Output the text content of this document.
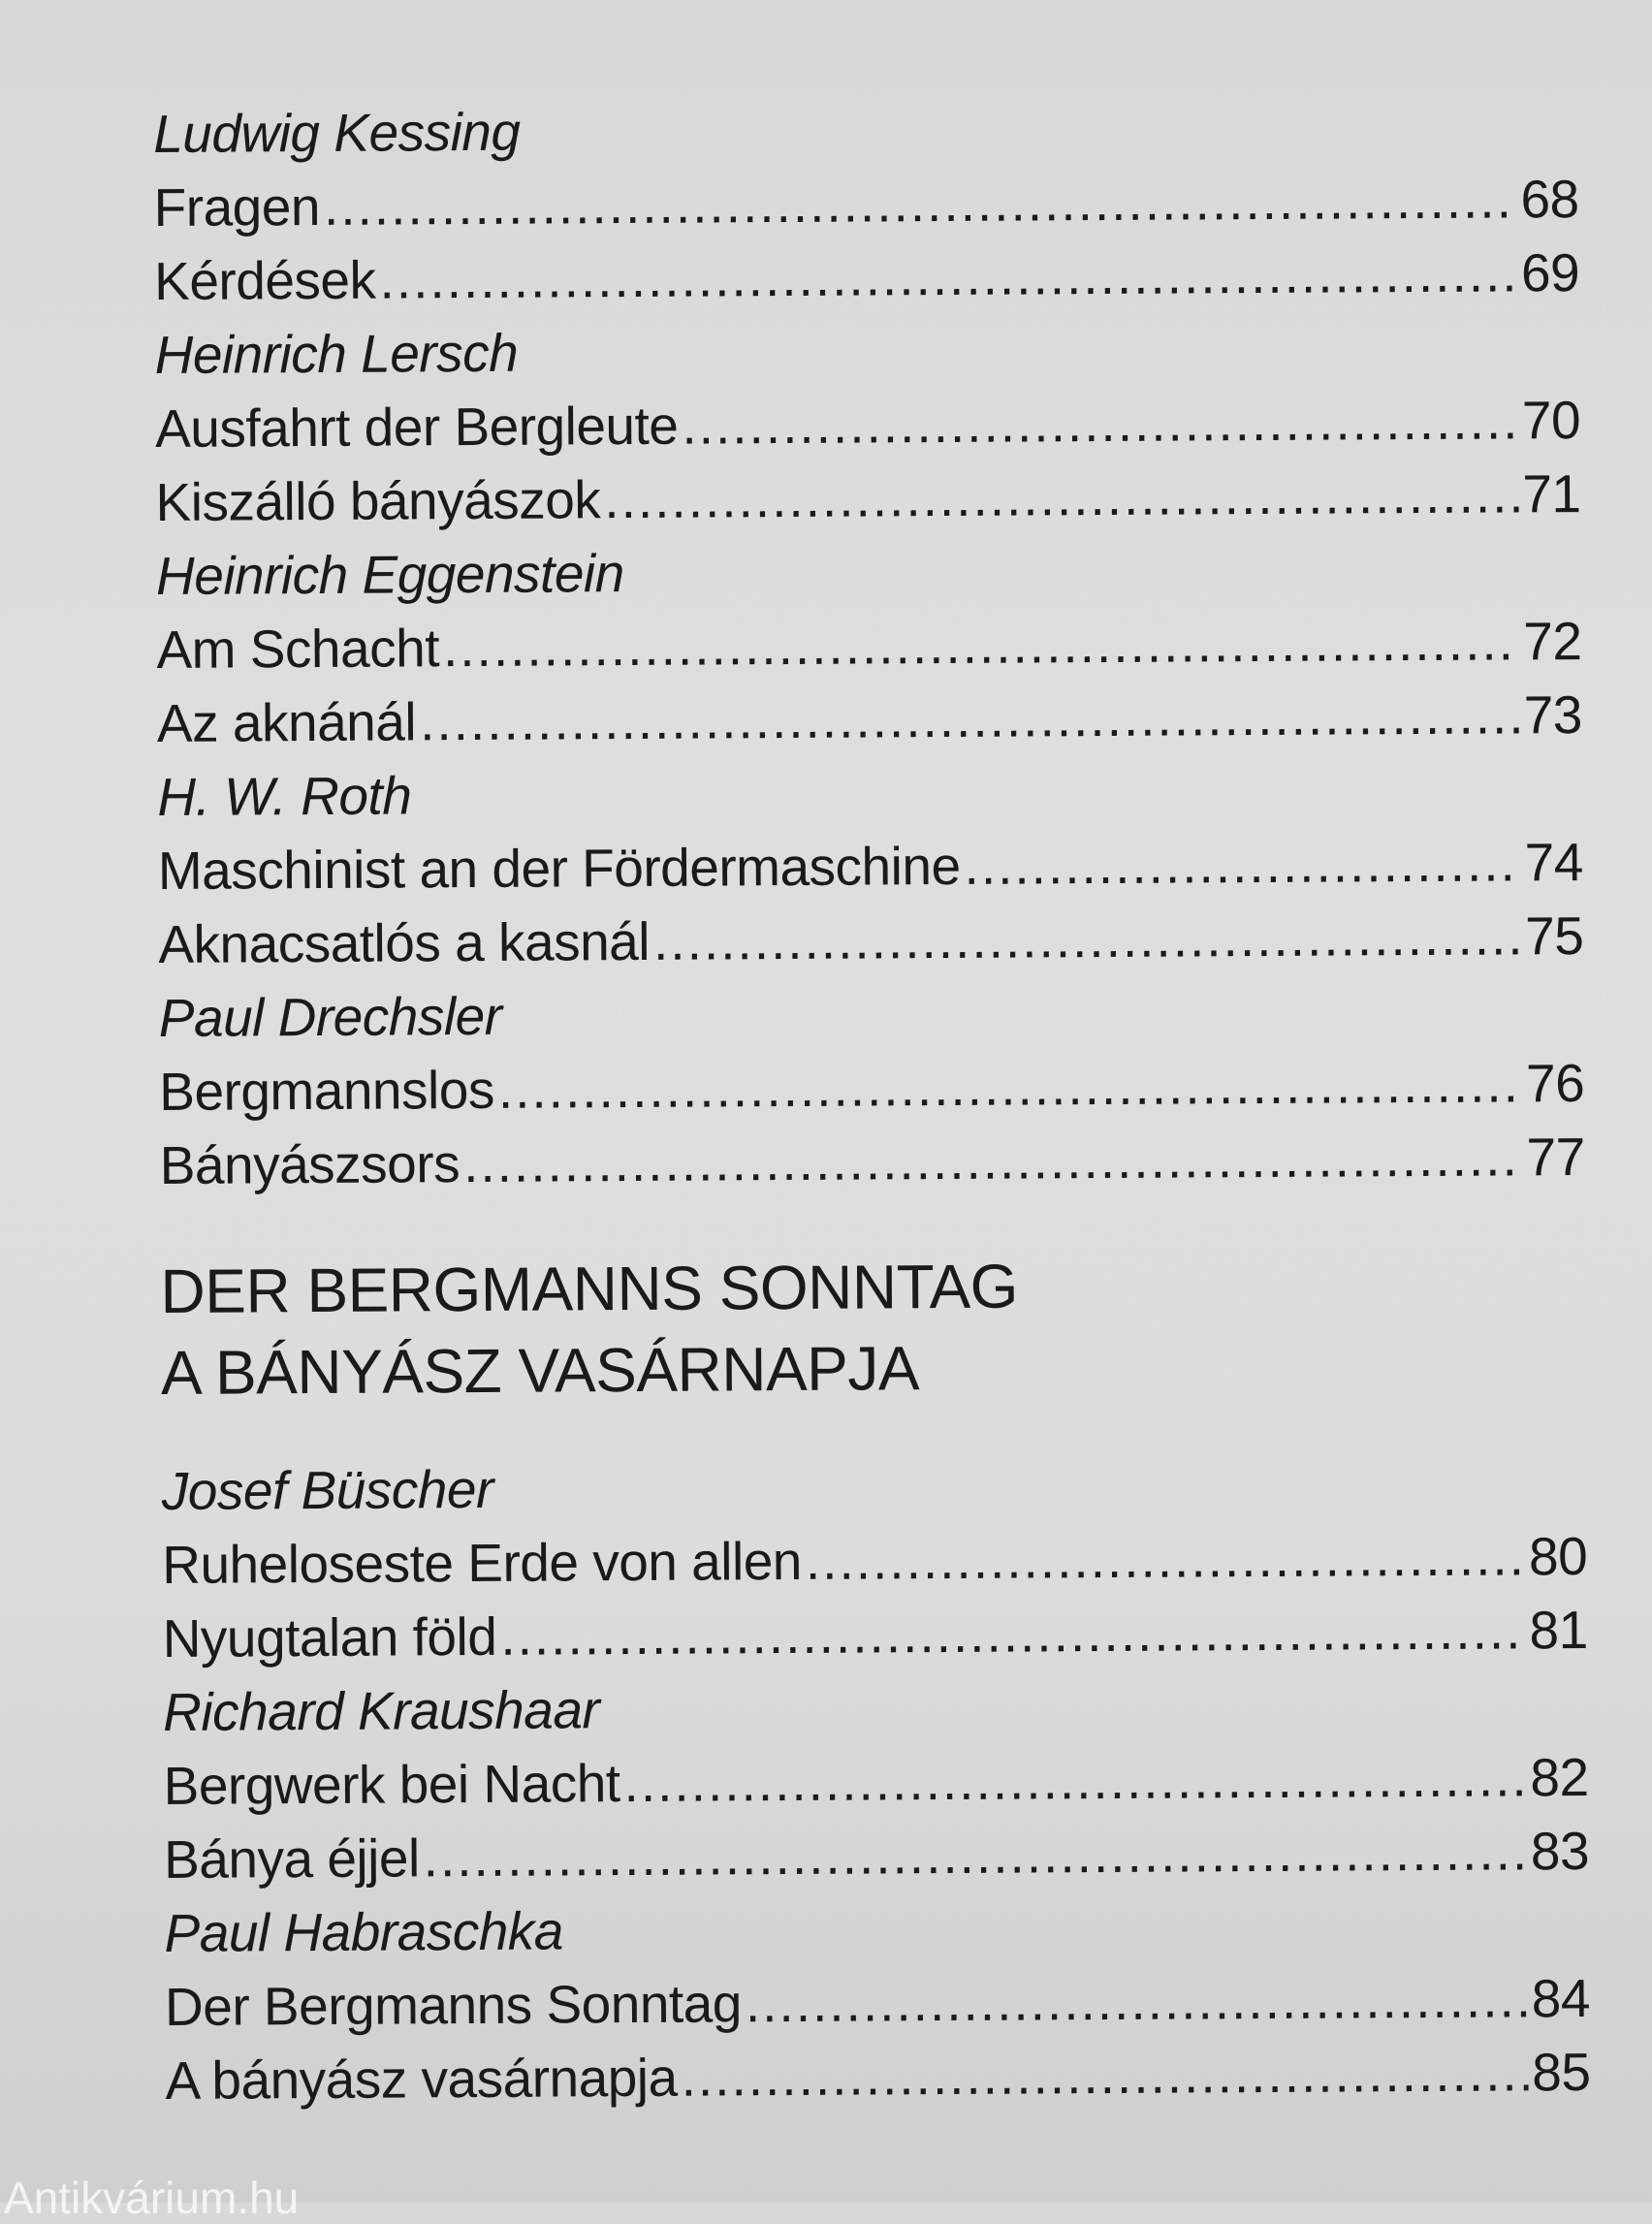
Ludwig Kessing
Fragen .....	68
Kérdések .....	69
Heinrich Lersch
Ausfahrt der Bergleute .....	70
Kiszálló bányászok .....	71
Heinrich Eggenstein
Am Schacht .....	72
Az aknánál .....	73
H. W. Roth
Maschinist an der Fördermaschine .....	74
Aknacsatlós a kasnál .....	75
Paul Drechsler
Bergmannslos .....	76
Bányászsors .....	77
DER BERGMANNS SONNTAG
A BÁNYÁSZ VASÁRNAPJA
Josef Büscher
Ruheloseste Erde von allen .....	80
Nyugtalan föld .....	81
Richard Kraushaar
Bergwerk bei Nacht .....	82
Bánya éjjel .....	83
Paul Habraschka
Der Bergmanns Sonntag .....	84
A bányász vasárnapja .....	85
Antikvárium.hu
